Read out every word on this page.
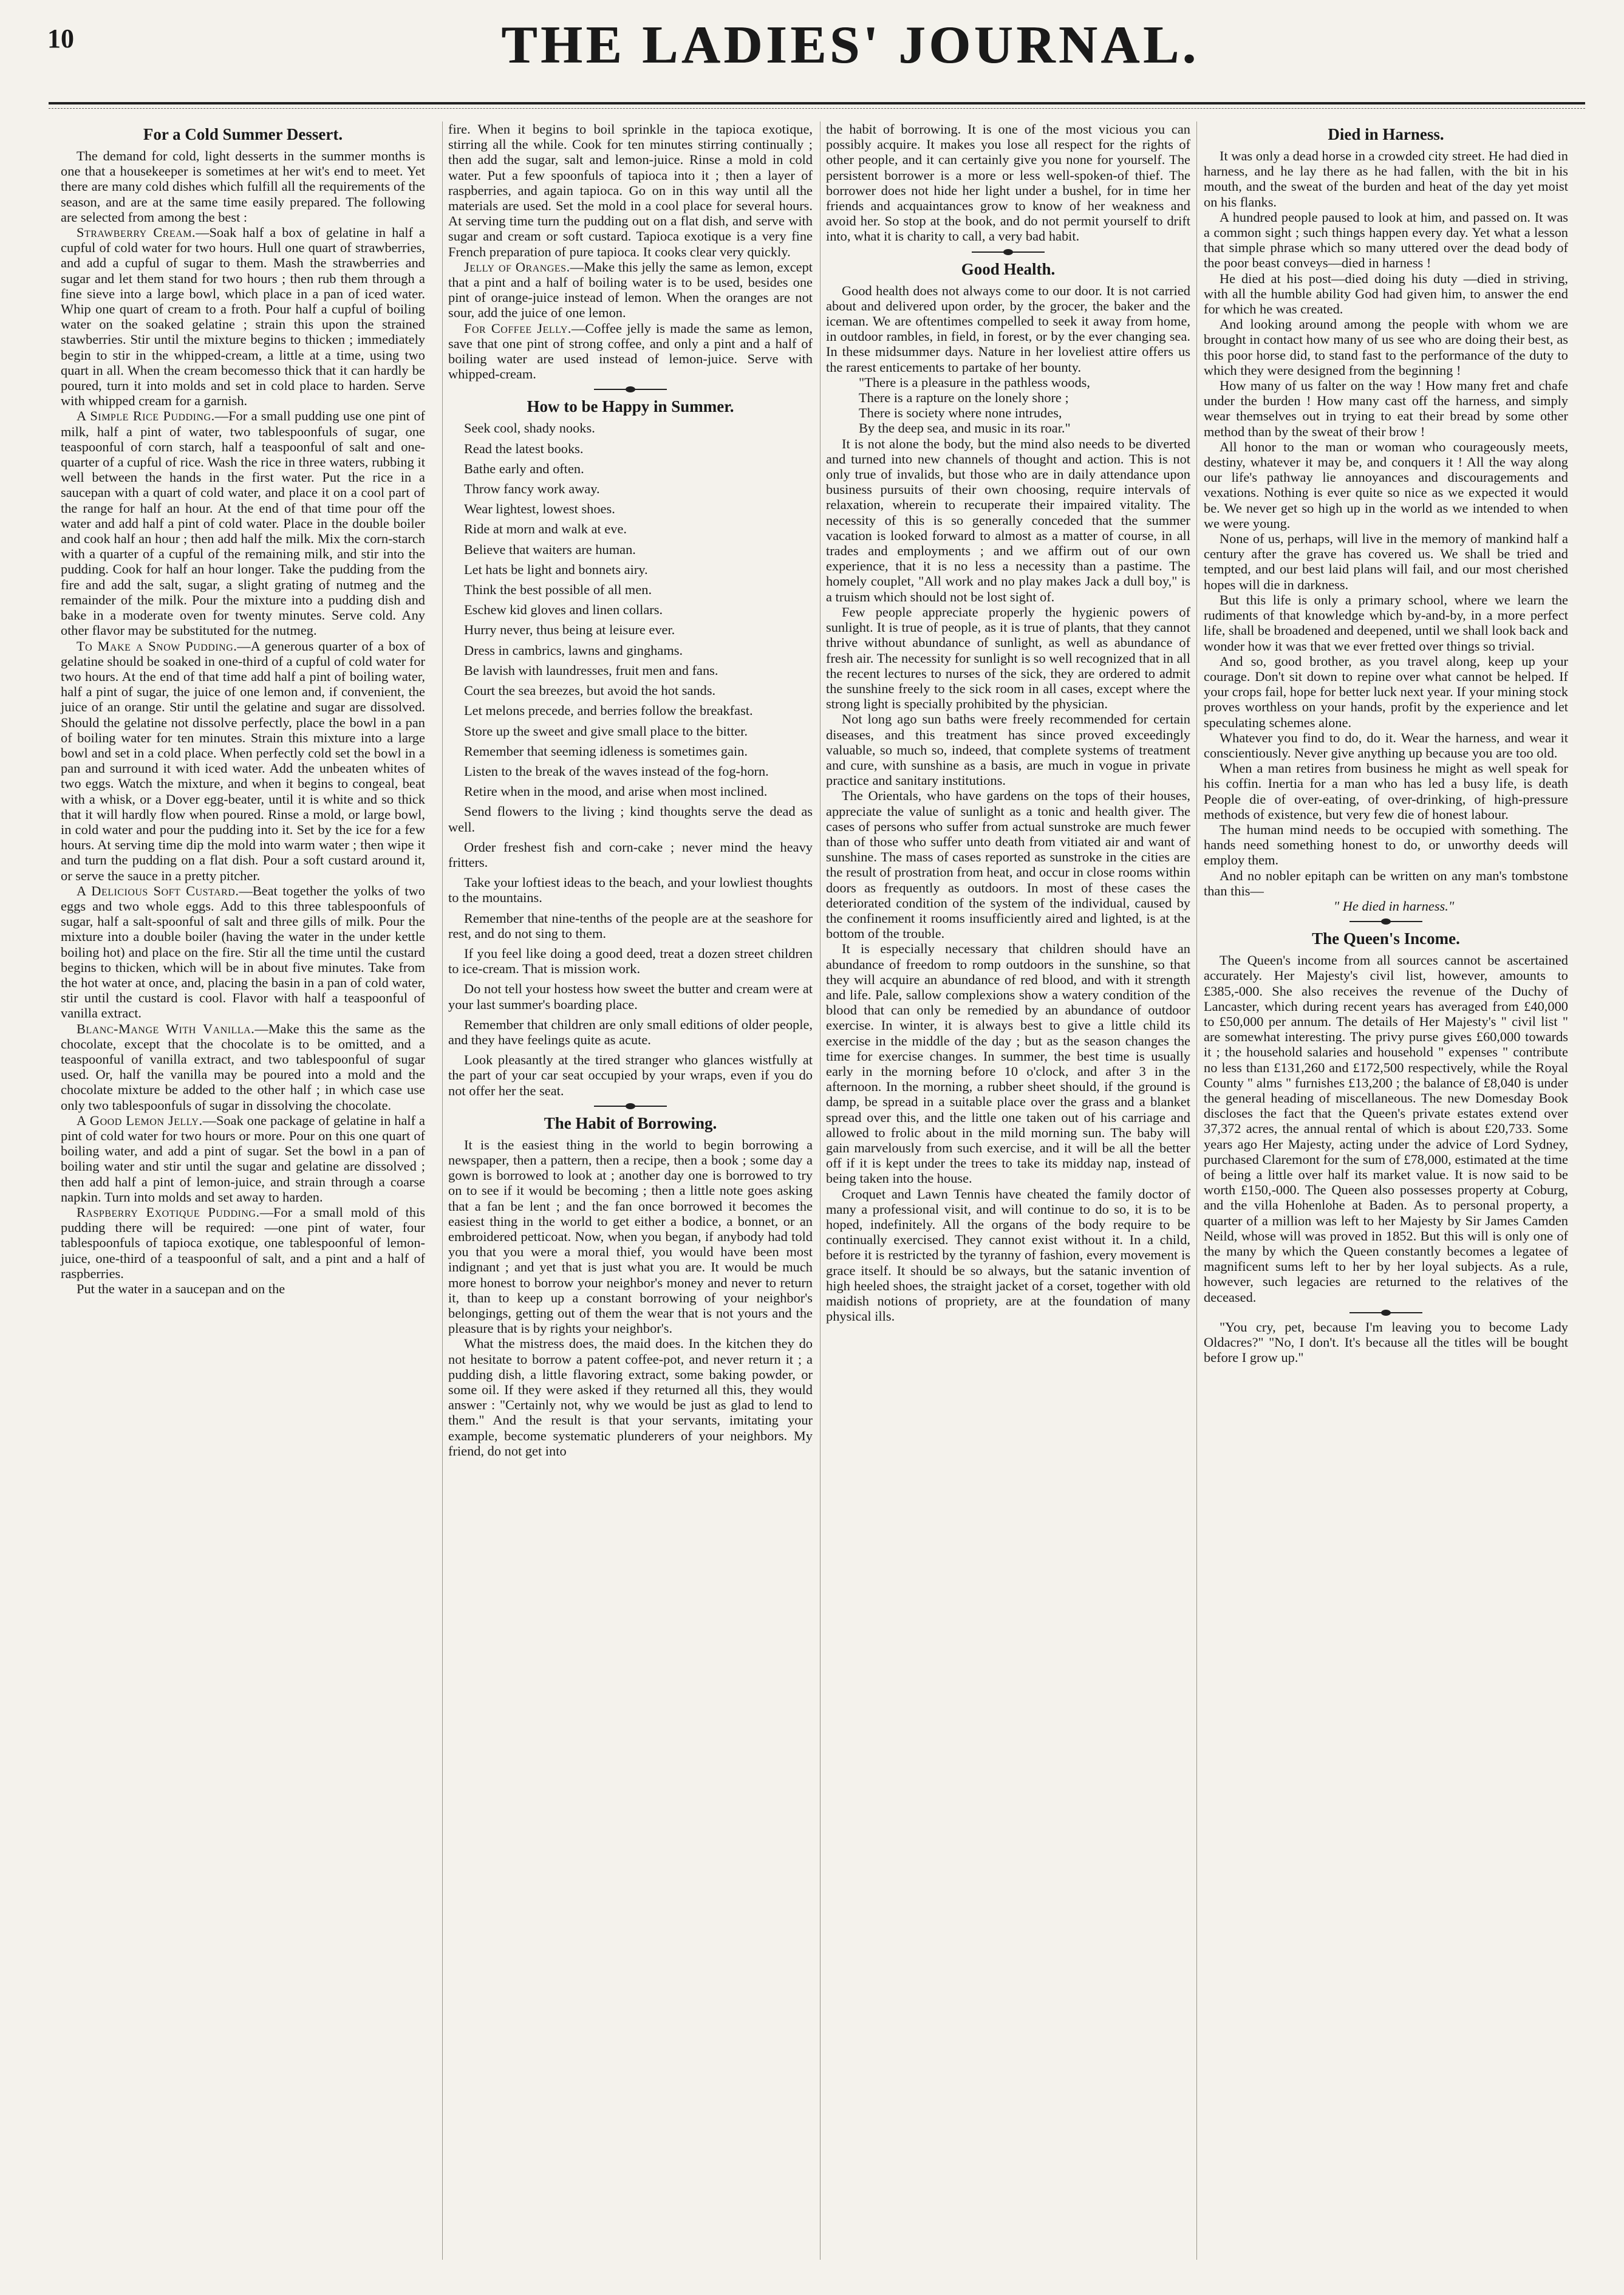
10	THE LADIES' JOURNAL.
For a Cold Summer Dessert.

The demand for cold, light desserts in the summer months is one that a housekeeper is sometimes at her wit's end to meet. Yet there are many cold dishes which fulfill all the requirements of the season, and are at the same time easily prepared. The following are selected from among the best :

Strawberry Cream.—Soak half a box of gelatine in half a cupful of cold water for two hours. Hull one quart of strawberries, and add a cupful of sugar to them. Mash the strawberries and sugar and let them stand for two hours ; then rub them through a fine sieve into a large bowl, which place in a pan of iced water. Whip one quart of cream to a froth. Pour half a cupful of boiling water on the soaked gelatine ; strain this upon the strained stawberries. Stir until the mixture begins to thicken ; immediately begin to stir in the whipped-cream, a little at a time, using two quart in all. When the cream becomesso thick that it can hardly be poured, turn it into molds and set in cold place to harden. Serve with whipped cream for a garnish.

A Simple Rice Pudding.—For a small pudding use one pint of milk, half a pint of water, two tablespoonfuls of sugar, one teaspoonful of corn starch, half a teaspoonful of salt and one-quarter of a cupful of rice. Wash the rice in three waters, rubbing it well between the hands in the first water. Put the rice in a saucepan with a quart of cold water, and place it on a cool part of the range for half an hour. At the end of that time pour off the water and add half a pint of cold water. Place in the double boiler and cook half an hour ; then add half the milk. Mix the corn-starch with a quarter of a cupful of the remaining milk, and stir into the pudding. Cook for half an hour longer. Take the pudding from the fire and add the salt, sugar, a slight grating of nutmeg and the remainder of the milk. Pour the mixture into a pudding dish and bake in a moderate oven for twenty minutes. Serve cold. Any other flavor may be substituted for the nutmeg.

To Make a Snow Pudding.—A generous quarter of a box of gelatine should be soaked in one-third of a cupful of cold water for two hours. At the end of that time add half a pint of boiling water, half a pint of sugar, the juice of one lemon and, if convenient, the juice of an orange. Stir until the gelatine and sugar are dissolved. Should the gelatine not dissolve perfectly, place the bowl in a pan of boiling water for ten minutes. Strain this mixture into a large bowl and set in a cold place. When perfectly cold set the bowl in a pan and surround it with iced water. Add the unbeaten whites of two eggs. Watch the mixture, and when it begins to congeal, beat with a whisk, or a Dover egg-beater, until it is white and so thick that it will hardly flow when poured. Rinse a mold, or large bowl, in cold water and pour the pudding into it. Set by the ice for a few hours. At serving time dip the mold into warm water ; then wipe it and turn the pudding on a flat dish. Pour a soft custard around it, or serve the sauce in a pretty pitcher.

A Delicious Soft Custard.—Beat together the yolks of two eggs and two whole eggs. Add to this three tablespoonfuls of sugar, half a salt-spoonful of salt and three gills of milk. Pour the mixture into a double boiler (having the water in the under kettle boiling hot) and place on the fire. Stir all the time until the custard begins to thicken, which will be in about five minutes. Take from the hot water at once, and, placing the basin in a pan of cold water, stir until the custard is cool. Flavor with half a teaspoonful of vanilla extract.

Blanc-Mange With Vanilla.—Make this the same as the chocolate, except that the chocolate is to be omitted, and a teaspoonful of vanilla extract, and two tablespoonful of sugar used. Or, half the vanilla may be poured into a mold and the chocolate mixture be added to the other half ; in which case use only two tablespoonfuls of sugar in dissolving the chocolate.

A Good Lemon Jelly.—Soak one package of gelatine in half a pint of cold water for two hours or more. Pour on this one quart of boiling water, and add a pint of sugar. Set the bowl in a pan of boiling water and stir until the sugar and gelatine are dissolved ; then add half a pint of lemon-juice, and strain through a coarse napkin. Turn into molds and set away to harden.

Raspberry Exotique Pudding.—For a small mold of this pudding there will be required: —one pint of water, four tablespoonfuls of tapioca exotique, one tablespoonful of lemon-juice, one-third of a teaspoonful of salt, and a pint and a half of raspberries.

Put the water in a saucepan and on the

fire. When it begins to boil sprinkle in the tapioca exotique, stirring all the while. Cook for ten minutes stirring continually ; then add the sugar, salt and lemon-juice. Rinse a mold in cold water. Put a few spoonfuls of tapioca into it ; then a layer of raspberries, and again tapioca. Go on in this way until all the materials are used. Set the mold in a cool place for several hours. At serving time turn the pudding out on a flat dish, and serve with sugar and cream or soft custard. Tapioca exotique is a very fine French preparation of pure tapioca. It cooks clear very quickly.

Jelly of Oranges.—Make this jelly the same as lemon, except that a pint and a half of boiling water is to be used, besides one pint of orange-juice instead of lemon. When the oranges are not sour, add the juice of one lemon.

For Coffee Jelly.—Coffee jelly is made the same as lemon, save that one pint of strong coffee, and only a pint and a half of boiling water are used instead of lemon-juice. Serve with whipped-cream.

How to be Happy in Summer.

Seek cool, shady nooks.

Read the latest books.

Bathe early and often.

Throw fancy work away.

Wear lightest, lowest shoes.

Ride at morn and walk at eve.

Believe that waiters are human.

Let hats be light and bonnets airy.

Think the best possible of all men.

Eschew kid gloves and linen collars.

Hurry never, thus being at leisure ever.

Dress in cambrics, lawns and ginghams.

Be lavish with laundresses, fruit men and fans.

Court the sea breezes, but avoid the hot sands.

Let melons precede, and berries follow the breakfast.

Store up the sweet and give small place to the bitter.

Remember that seeming idleness is sometimes gain.

Listen to the break of the waves instead of the fog-horn.

Retire when in the mood, and arise when most inclined.

Send flowers to the living ; kind thoughts serve the dead as well.

Order freshest fish and corn-cake ; never mind the heavy fritters.

Take your loftiest ideas to the beach, and your lowliest thoughts to the mountains.

Remember that nine-tenths of the people are at the seashore for rest, and do not sing to them.

If you feel like doing a good deed, treat a dozen street children to ice-cream. That is mission work.

Do not tell your hostess how sweet the butter and cream were at your last summer's boarding place.

Remember that children are only small editions of older people, and they have feelings quite as acute.

Look pleasantly at the tired stranger who glances wistfully at the part of your car seat occupied by your wraps, even if you do not offer her the seat.

The Habit of Borrowing.

It is the easiest thing in the world to begin borrowing a newspaper, then a pattern, then a recipe, then a book ; some day a gown is borrowed to look at ; another day one is borrowed to try on to see if it would be becoming ; then a little note goes asking that a fan be lent ; and the fan once borrowed it becomes the easiest thing in the world to get either a bodice, a bonnet, or an embroidered petticoat. Now, when you began, if anybody had told you that you were a moral thief, you would have been most indignant ; and yet that is just what you are. It would be much more honest to borrow your neighbor's money and never to return it, than to keep up a constant borrowing of your neighbor's belongings, getting out of them the wear that is not yours and the pleasure that is by rights your neighbor's.

What the mistress does, the maid does. In the kitchen they do not hesitate to borrow a patent coffee-pot, and never return it ; a pudding dish, a little flavoring extract, some baking powder, or some oil. If they were asked if they returned all this, they would answer : "Certainly not, why we would be just as glad to lend to them." And the result is that your servants, imitating your example, become systematic plunderers of your neighbors. My friend, do not get into

the habit of borrowing. It is one of the most vicious you can possibly acquire. It makes you lose all respect for the rights of other people, and it can certainly give you none for yourself. The persistent borrower is a more or less well-spoken-of thief. The borrower does not hide her light under a bushel, for in time her friends and acquaintances grow to know of her weakness and avoid her. So stop at the book, and do not permit yourself to drift into, what it is charity to call, a very bad habit.

Good Health.

Good health does not always come to our door. It is not carried about and delivered upon order, by the grocer, the baker and the iceman. We are oftentimes compelled to seek it away from home, in outdoor rambles, in field, in forest, or by the ever changing sea. In these midsummer days. Nature in her loveliest attire offers us the rarest enticements to partake of her bounty.

"There is a pleasure in the pathless woods,

There is a rapture on the lonely shore ;

There is society where none intrudes,

By the deep sea, and music in its roar."

It is not alone the body, but the mind also needs to be diverted and turned into new channels of thought and action. This is not only true of invalids, but those who are in daily attendance upon business pursuits of their own choosing, require intervals of relaxation, wherein to recuperate their impaired vitality. The necessity of this is so generally conceded that the summer vacation is looked forward to almost as a matter of course, in all trades and employments ; and we affirm out of our own experience, that it is no less a necessity than a pastime. The homely couplet, "All work and no play makes Jack a dull boy," is a truism which should not be lost sight of.

Few people appreciate properly the hygienic powers of sunlight. It is true of people, as it is true of plants, that they cannot thrive without abundance of sunlight, as well as abundance of fresh air. The necessity for sunlight is so well recognized that in all the recent lectures to nurses of the sick, they are ordered to admit the sunshine freely to the sick room in all cases, except where the strong light is specially prohibited by the physician.

Not long ago sun baths were freely recommended for certain diseases, and this treatment has since proved exceedingly valuable, so much so, indeed, that complete systems of treatment and cure, with sunshine as a basis, are much in vogue in private practice and sanitary institutions.

The Orientals, who have gardens on the tops of their houses, appreciate the value of sunlight as a tonic and health giver. The cases of persons who suffer from actual sunstroke are much fewer than of those who suffer unto death from vitiated air and want of sunshine. The mass of cases reported as sunstroke in the cities are the result of prostration from heat, and occur in close rooms within doors as frequently as outdoors. In most of these cases the deteriorated condition of the system of the individual, caused by the confinement it rooms insufficiently aired and lighted, is at the bottom of the trouble.

It is especially necessary that children should have an abundance of freedom to romp outdoors in the sunshine, so that they will acquire an abundance of red blood, and with it strength and life. Pale, sallow complexions show a watery condition of the blood that can only be remedied by an abundance of outdoor exercise. In winter, it is always best to give a little child its exercise in the middle of the day ; but as the season changes the time for exercise changes. In summer, the best time is usually early in the morning before 10 o'clock, and after 3 in the afternoon. In the morning, a rubber sheet should, if the ground is damp, be spread in a suitable place over the grass and a blanket spread over this, and the little one taken out of his carriage and allowed to frolic about in the mild morning sun. The baby will gain marvelously from such exercise, and it will be all the better off if it is kept under the trees to take its midday nap, instead of being taken into the house.

Croquet and Lawn Tennis have cheated the family doctor of many a professional visit, and will continue to do so, it is to be hoped, indefinitely. All the organs of the body require to be continually exercised. They cannot exist without it. In a child, before it is restricted by the tyranny of fashion, every movement is grace itself. It should be so always, but the satanic invention of high heeled shoes, the straight jacket of a corset, together with old maidish notions of propriety, are at the foundation of many physical ills.

Died in Harness.

It was only a dead horse in a crowded city street. He had died in harness, and he lay there as he had fallen, with the bit in his mouth, and the sweat of the burden and heat of the day yet moist on his flanks.

A hundred people paused to look at him, and passed on. It was a common sight ; such things happen every day. Yet what a lesson that simple phrase which so many uttered over the dead body of the poor beast conveys—died in harness !

He died at his post—died doing his duty —died in striving, with all the humble ability God had given him, to answer the end for which he was created.

And looking around among the people with whom we are brought in contact how many of us see who are doing their best, as this poor horse did, to stand fast to the performance of the duty to which they were designed from the beginning !

How many of us falter on the way ! How many fret and chafe under the burden ! How many cast off the harness, and simply wear themselves out in trying to eat their bread by some other method than by the sweat of their brow !

All honor to the man or woman who courageously meets, destiny, whatever it may be, and conquers it ! All the way along our life's pathway lie annoyances and discouragements and vexations. Nothing is ever quite so nice as we expected it would be. We never get so high up in the world as we intended to when we were young.

None of us, perhaps, will live in the memory of mankind half a century after the grave has covered us. We shall be tried and tempted, and our best laid plans will fail, and our most cherished hopes will die in darkness.

But this life is only a primary school, where we learn the rudiments of that knowledge which by-and-by, in a more perfect life, shall be broadened and deepened, until we shall look back and wonder how it was that we ever fretted over things so trivial.

And so, good brother, as you travel along, keep up your courage. Don't sit down to repine over what cannot be helped. If your crops fail, hope for better luck next year. If your mining stock proves worthless on your hands, profit by the experience and let speculating schemes alone.

Whatever you find to do, do it. Wear the harness, and wear it conscientiously. Never give anything up because you are too old.

When a man retires from business he might as well speak for his coffin. Inertia for a man who has led a busy life, is death People die of over-eating, of over-drinking, of high-pressure methods of existence, but very few die of honest labour.

The human mind needs to be occupied with something. The hands need something honest to do, or unworthy deeds will employ them.

And no nobler epitaph can be written on any man's tombstone than this—

" He died in harness."

The Queen's Income.

The Queen's income from all sources cannot be ascertained accurately. Her Majesty's civil list, however, amounts to £385,-000. She also receives the revenue of the Duchy of Lancaster, which during recent years has averaged from £40,000 to £50,000 per annum. The details of Her Majesty's " civil list " are somewhat interesting. The privy purse gives £60,000 towards it ; the household salaries and household " expenses " contribute no less than £131,260 and £172,500 respectively, while the Royal County " alms " furnishes £13,200 ; the balance of £8,040 is under the general heading of miscellaneous. The new Domesday Book discloses the fact that the Queen's private estates extend over 37,372 acres, the annual rental of which is about £20,733. Some years ago Her Majesty, acting under the advice of Lord Sydney, purchased Claremont for the sum of £78,000, estimated at the time of being a little over half its market value. It is now said to be worth £150,-000. The Queen also possesses property at Coburg, and the villa Hohenlohe at Baden. As to personal property, a quarter of a million was left to her Majesty by Sir James Camden Neild, whose will was proved in 1852. But this will is only one of the many by which the Queen constantly becomes a legatee of magnificent sums left to her by her loyal subjects. As a rule, however, such legacies are returned to the relatives of the deceased.

"You cry, pet, because I'm leaving you to become Lady Oldacres?" "No, I don't. It's because all the titles will be bought before I grow up."
